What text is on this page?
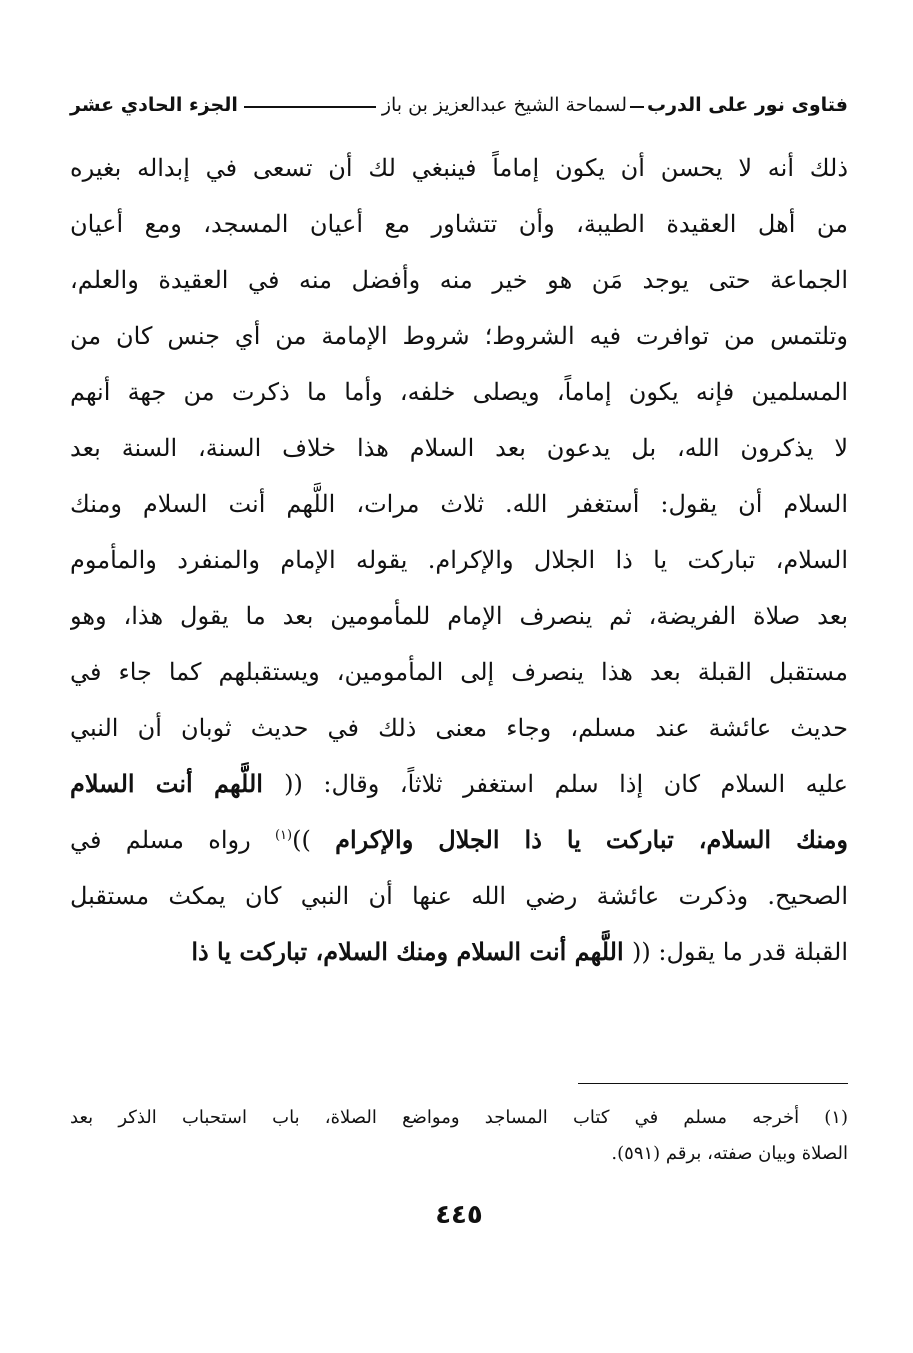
فتاوى نور على الدرب
لسماحة الشيخ عبدالعزيز بن باز
الجزء الحادي عشر
ذلك أنه لا يحسن أن يكون إماماً فينبغي لك أن تسعى في إبداله بغيره
من أهل العقيدة الطيبة، وأن تتشاور مع أعيان المسجد، ومع أعيان
الجماعة حتى يوجد مَن هو خير منه وأفضل منه في العقيدة والعلم،
وتلتمس من توافرت فيه الشروط؛ شروط الإمامة من أي جنس كان من
المسلمين فإنه يكون إماماً، ويصلى خلفه، وأما ما ذكرت من جهة أنهم
لا يذكرون الله، بل يدعون بعد السلام هذا خلاف السنة، السنة بعد
السلام أن يقول: أستغفر الله. ثلاث مرات، اللَّهم أنت السلام ومنك
السلام، تباركت يا ذا الجلال والإكرام. يقوله الإمام والمنفرد والمأموم
بعد صلاة الفريضة، ثم ينصرف الإمام للمأمومين بعد ما يقول هذا، وهو
مستقبل القبلة بعد هذا ينصرف إلى المأمومين، ويستقبلهم كما جاء في
حديث عائشة عند مسلم، وجاء معنى ذلك في حديث ثوبان أن النبي
عليه السلام كان إذا سلم استغفر ثلاثاً، وقال: (( اللَّهم أنت السلام
ومنك السلام، تباركت يا ذا الجلال والإكرام ))$^{(١)}$ رواه مسلم في
الصحيح. وذكرت عائشة رضي الله عنها أن النبي كان يمكث مستقبل
القبلة قدر ما يقول: (( اللَّهم أنت السلام ومنك السلام، تباركت يا ذا
(١) أخرجه مسلم في كتاب المساجد ومواضع الصلاة، باب استحباب الذكر بعد
الصلاة وبيان صفته، برقم (٥٩١).
٤٤٥
